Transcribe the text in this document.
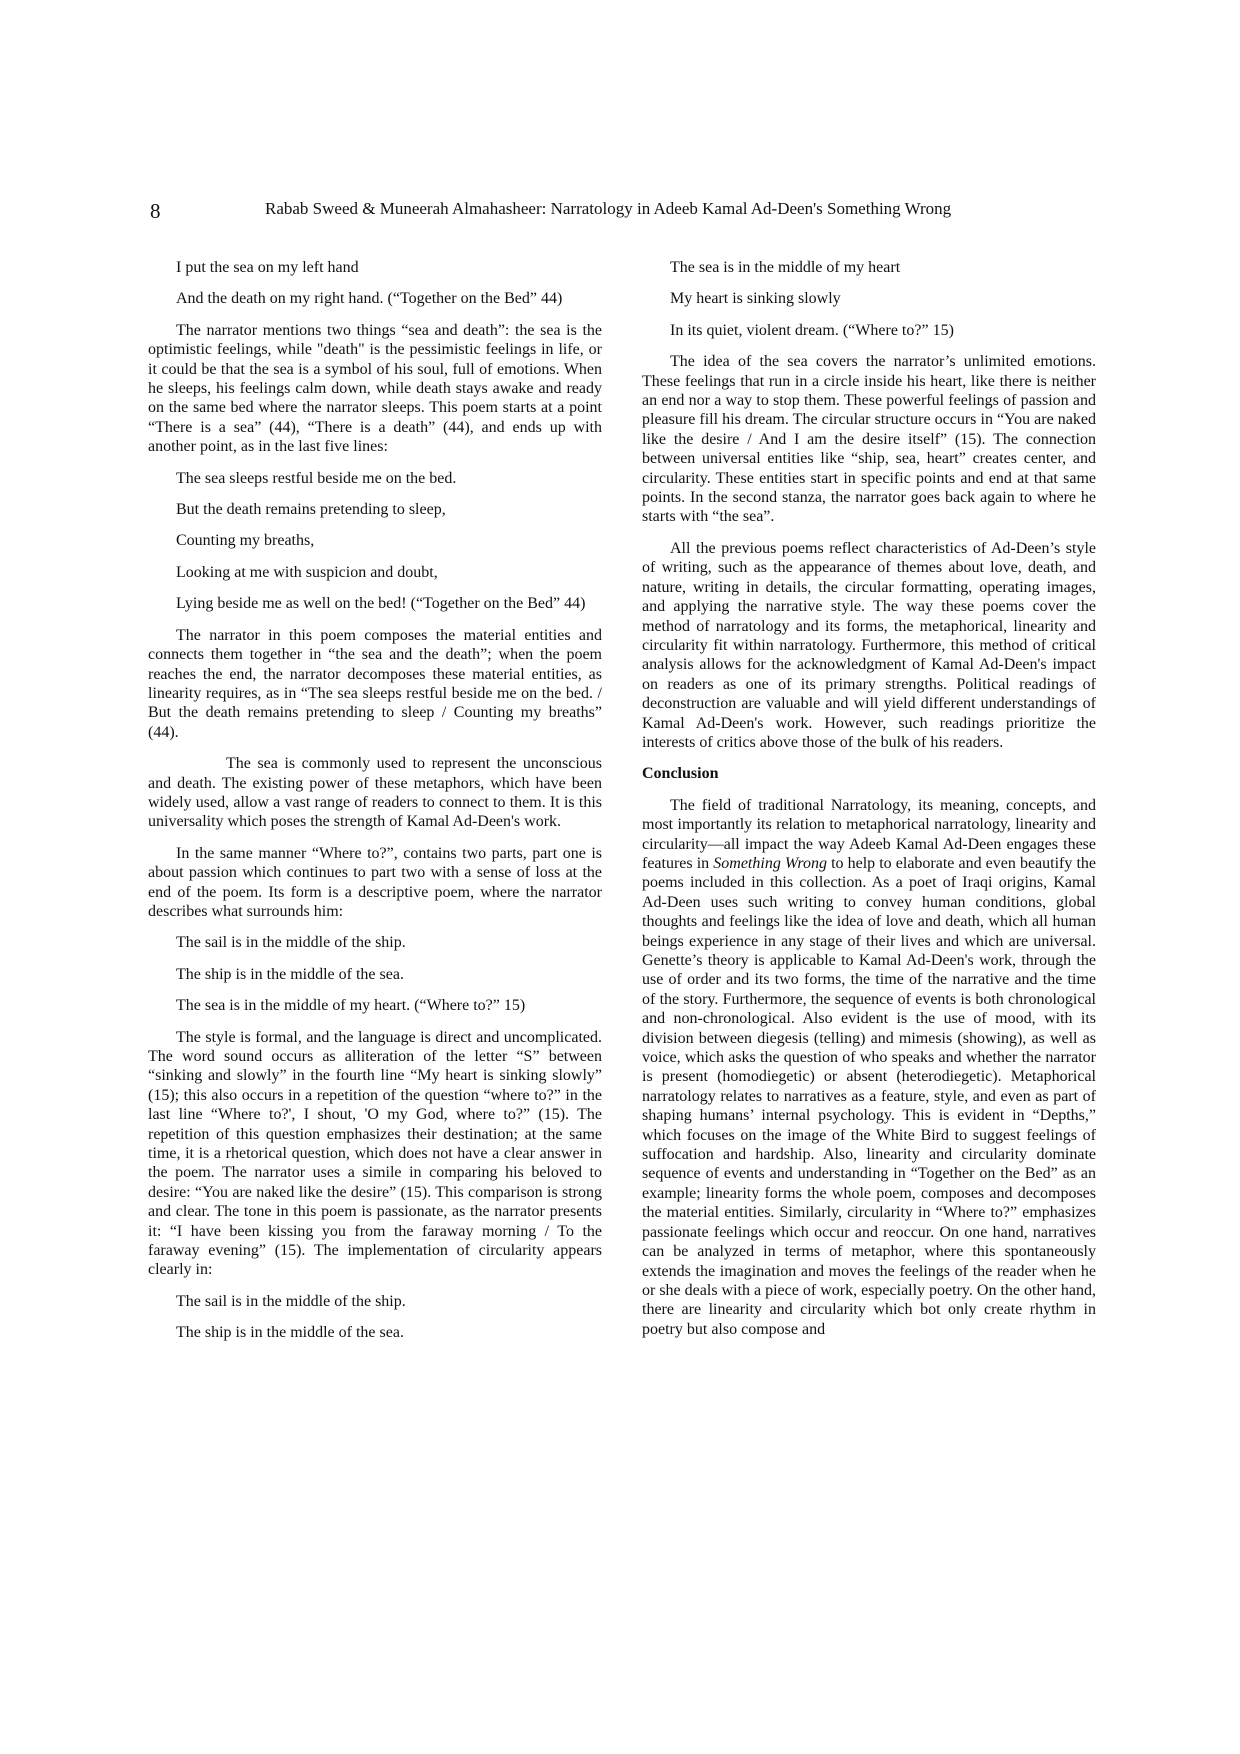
8	Rabab Sweed & Muneerah Almahasheer: Narratology in Adeeb Kamal Ad-Deen's Something Wrong

I put the sea on my left hand

And the death on my right hand. (“Together on the Bed” 44)

The narrator mentions two things “sea and death”: the sea is the optimistic feelings, while "death" is the pessimistic feelings in life, or it could be that the sea is a symbol of his soul, full of emotions. When he sleeps, his feelings calm down, while death stays awake and ready on the same bed where the narrator sleeps. This poem starts at a point “There is a sea” (44), “There is a death” (44), and ends up with another point, as in the last five lines:

The sea sleeps restful beside me on the bed.

But the death remains pretending to sleep,

Counting my breaths,

Looking at me with suspicion and doubt,

Lying beside me as well on the bed! (“Together on the Bed” 44)

The narrator in this poem composes the material entities and connects them together in “the sea and the death”; when the poem reaches the end, the narrator decomposes these material entities, as linearity requires, as in “The sea sleeps restful beside me on the bed. / But the death remains pretending to sleep / Counting my breaths” (44).

The sea is commonly used to represent the unconscious and death. The existing power of these metaphors, which have been widely used, allow a vast range of readers to connect to them. It is this universality which poses the strength of Kamal Ad-Deen's work.

In the same manner “Where to?”, contains two parts, part one is about passion which continues to part two with a sense of loss at the end of the poem. Its form is a descriptive poem, where the narrator describes what surrounds him:

The sail is in the middle of the ship.

The ship is in the middle of the sea.

The sea is in the middle of my heart. (“Where to?” 15)

The style is formal, and the language is direct and uncomplicated. The word sound occurs as alliteration of the letter “S” between “sinking and slowly” in the fourth line “My heart is sinking slowly” (15); this also occurs in a repetition of the question “where to?” in the last line “Where to?', I shout, 'O my God, where to?” (15). The repetition of this question emphasizes their destination; at the same time, it is a rhetorical question, which does not have a clear answer in the poem. The narrator uses a simile in comparing his beloved to desire: “You are naked like the desire” (15). This comparison is strong and clear. The tone in this poem is passionate, as the narrator presents it: “I have been kissing you from the faraway morning / To the faraway evening” (15). The implementation of circularity appears clearly in:

The sail is in the middle of the ship.

The ship is in the middle of the sea.

The sea is in the middle of my heart

My heart is sinking slowly

In its quiet, violent dream. (“Where to?” 15)

The idea of the sea covers the narrator’s unlimited emotions. These feelings that run in a circle inside his heart, like there is neither an end nor a way to stop them. These powerful feelings of passion and pleasure fill his dream. The circular structure occurs in “You are naked like the desire / And I am the desire itself” (15). The connection between universal entities like “ship, sea, heart” creates center, and circularity. These entities start in specific points and end at that same points. In the second stanza, the narrator goes back again to where he starts with “the sea”.

All the previous poems reflect characteristics of Ad-Deen’s style of writing, such as the appearance of themes about love, death, and nature, writing in details, the circular formatting, operating images, and applying the narrative style. The way these poems cover the method of narratology and its forms, the metaphorical, linearity and circularity fit within narratology. Furthermore, this method of critical analysis allows for the acknowledgment of Kamal Ad-Deen's impact on readers as one of its primary strengths. Political readings of deconstruction are valuable and will yield different understandings of Kamal Ad-Deen's work. However, such readings prioritize the interests of critics above those of the bulk of his readers.

Conclusion

The field of traditional Narratology, its meaning, concepts, and most importantly its relation to metaphorical narratology, linearity and circularity—all impact the way Adeeb Kamal Ad-Deen engages these features in Something Wrong to help to elaborate and even beautify the poems included in this collection. As a poet of Iraqi origins, Kamal Ad-Deen uses such writing to convey human conditions, global thoughts and feelings like the idea of love and death, which all human beings experience in any stage of their lives and which are universal. Genette’s theory is applicable to Kamal Ad-Deen's work, through the use of order and its two forms, the time of the narrative and the time of the story. Furthermore, the sequence of events is both chronological and non-chronological. Also evident is the use of mood, with its division between diegesis (telling) and mimesis (showing), as well as voice, which asks the question of who speaks and whether the narrator is present (homodiegetic) or absent (heterodiegetic). Metaphorical narratology relates to narratives as a feature, style, and even as part of shaping humans’ internal psychology. This is evident in “Depths,” which focuses on the image of the White Bird to suggest feelings of suffocation and hardship. Also, linearity and circularity dominate sequence of events and understanding in “Together on the Bed” as an example; linearity forms the whole poem, composes and decomposes the material entities. Similarly, circularity in “Where to?” emphasizes passionate feelings which occur and reoccur. On one hand, narratives can be analyzed in terms of metaphor, where this spontaneously extends the imagination and moves the feelings of the reader when he or she deals with a piece of work, especially poetry. On the other hand, there are linearity and circularity which bot only create rhythm in poetry but also compose and
